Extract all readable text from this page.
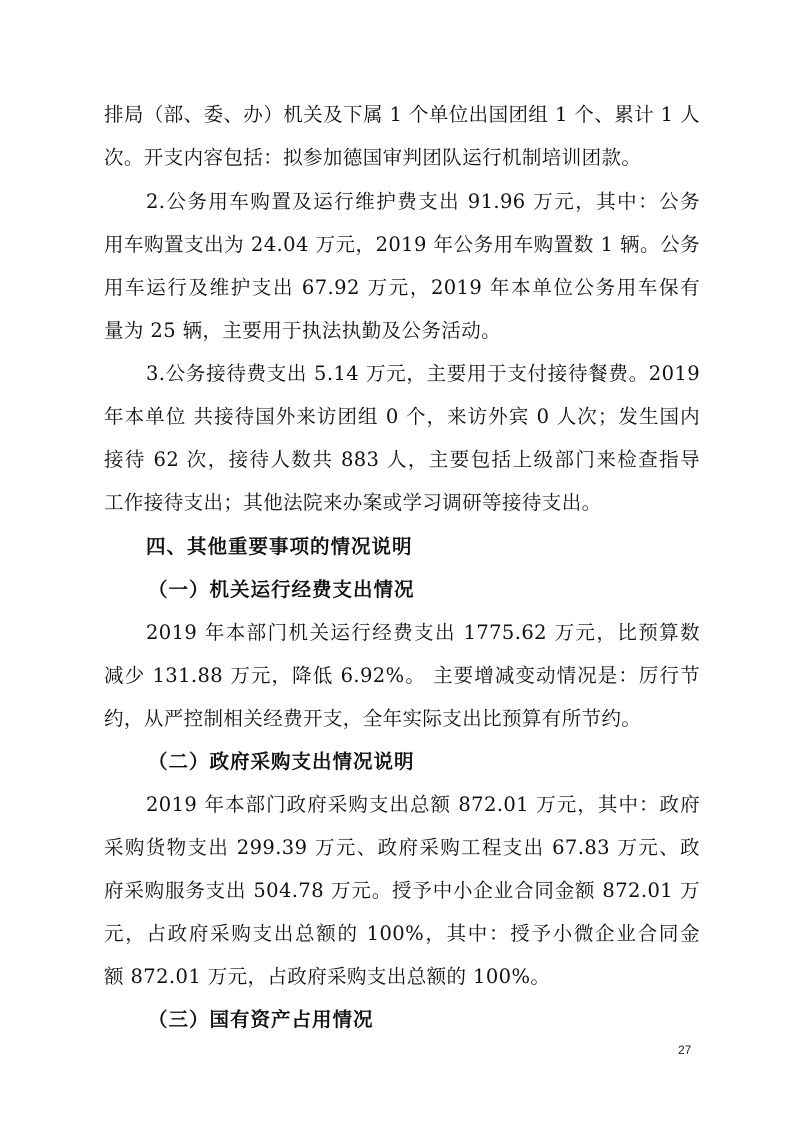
排局（部、委、办）机关及下属 1 个单位出国团组 1 个、累计 1 人
次。开支内容包括：拟参加德国审判团队运行机制培训团款。
2.公务用车购置及运行维护费支出 91.96 万元，其中：公务
用车购置支出为 24.04 万元，2019 年公务用车购置数 1 辆。公务
用车运行及维护支出 67.92 万元，2019 年本单位公务用车保有
量为 25 辆，主要用于执法执勤及公务活动。
3.公务接待费支出 5.14 万元，主要用于支付接待餐费。2019
年本单位 共接待国外来访团组 0 个，来访外宾 0 人次；发生国内
接待 62 次，接待人数共 883 人，主要包括上级部门来检查指导
工作接待支出；其他法院来办案或学习调研等接待支出。
四、其他重要事项的情况说明
（一）机关运行经费支出情况
2019 年本部门机关运行经费支出 1775.62 万元，比预算数
减少 131.88 万元，降低 6.92%。 主要增减变动情况是：厉行节
约，从严控制相关经费开支，全年实际支出比预算有所节约。
（二）政府采购支出情况说明
2019 年本部门政府采购支出总额 872.01 万元，其中：政府
采购货物支出 299.39 万元、政府采购工程支出 67.83 万元、政
府采购服务支出 504.78 万元。授予中小企业合同金额 872.01 万
元，占政府采购支出总额的 100%，其中：授予小微企业合同金
额 872.01 万元，占政府采购支出总额的 100%。
（三）国有资产占用情况
27
